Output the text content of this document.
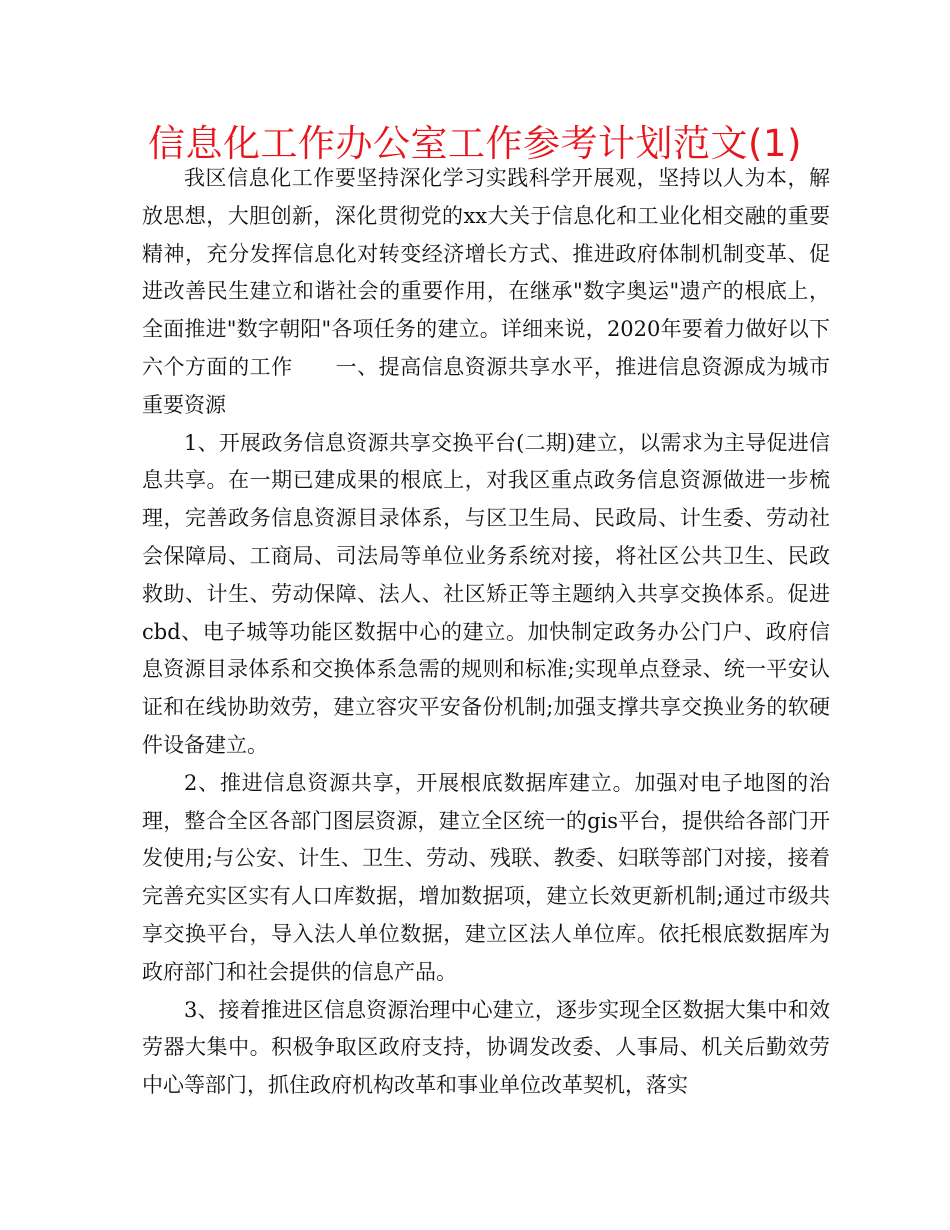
信息化工作办公室工作参考计划范文(1)

我区信息化工作要坚持深化学习实践科学开展观，坚持以人为本，解放思想，大胆创新，深化贯彻党的xx大关于信息化和工业化相交融的重要精神，充分发挥信息化对转变经济增长方式、推进政府体制机制变革、促进改善民生建立和谐社会的重要作用，在继承"数字奥运"遗产的根底上，全面推进"数字朝阳"各项任务的建立。详细来说，2020年要着力做好以下六个方面的工作　　一、提高信息资源共享水平，推进信息资源成为城市重要资源

1、开展政务信息资源共享交换平台(二期)建立，以需求为主导促进信息共享。在一期已建成果的根底上，对我区重点政务信息资源做进一步梳理，完善政务信息资源目录体系，与区卫生局、民政局、计生委、劳动社会保障局、工商局、司法局等单位业务系统对接，将社区公共卫生、民政救助、计生、劳动保障、法人、社区矫正等主题纳入共享交换体系。促进cbd、电子城等功能区数据中心的建立。加快制定政务办公门户、政府信息资源目录体系和交换体系急需的规则和标准;实现单点登录、统一平安认证和在线协助效劳，建立容灾平安备份机制;加强支撑共享交换业务的软硬件设备建立。

2、推进信息资源共享，开展根底数据库建立。加强对电子地图的治理，整合全区各部门图层资源，建立全区统一的gis平台，提供给各部门开发使用;与公安、计生、卫生、劳动、残联、教委、妇联等部门对接，接着完善充实区实有人口库数据，增加数据项，建立长效更新机制;通过市级共享交换平台，导入法人单位数据，建立区法人单位库。依托根底数据库为政府部门和社会提供的信息产品。

3、接着推进区信息资源治理中心建立，逐步实现全区数据大集中和效劳器大集中。积极争取区政府支持，协调发改委、人事局、机关后勤效劳中心等部门，抓住政府机构改革和事业单位改革契机，落实
